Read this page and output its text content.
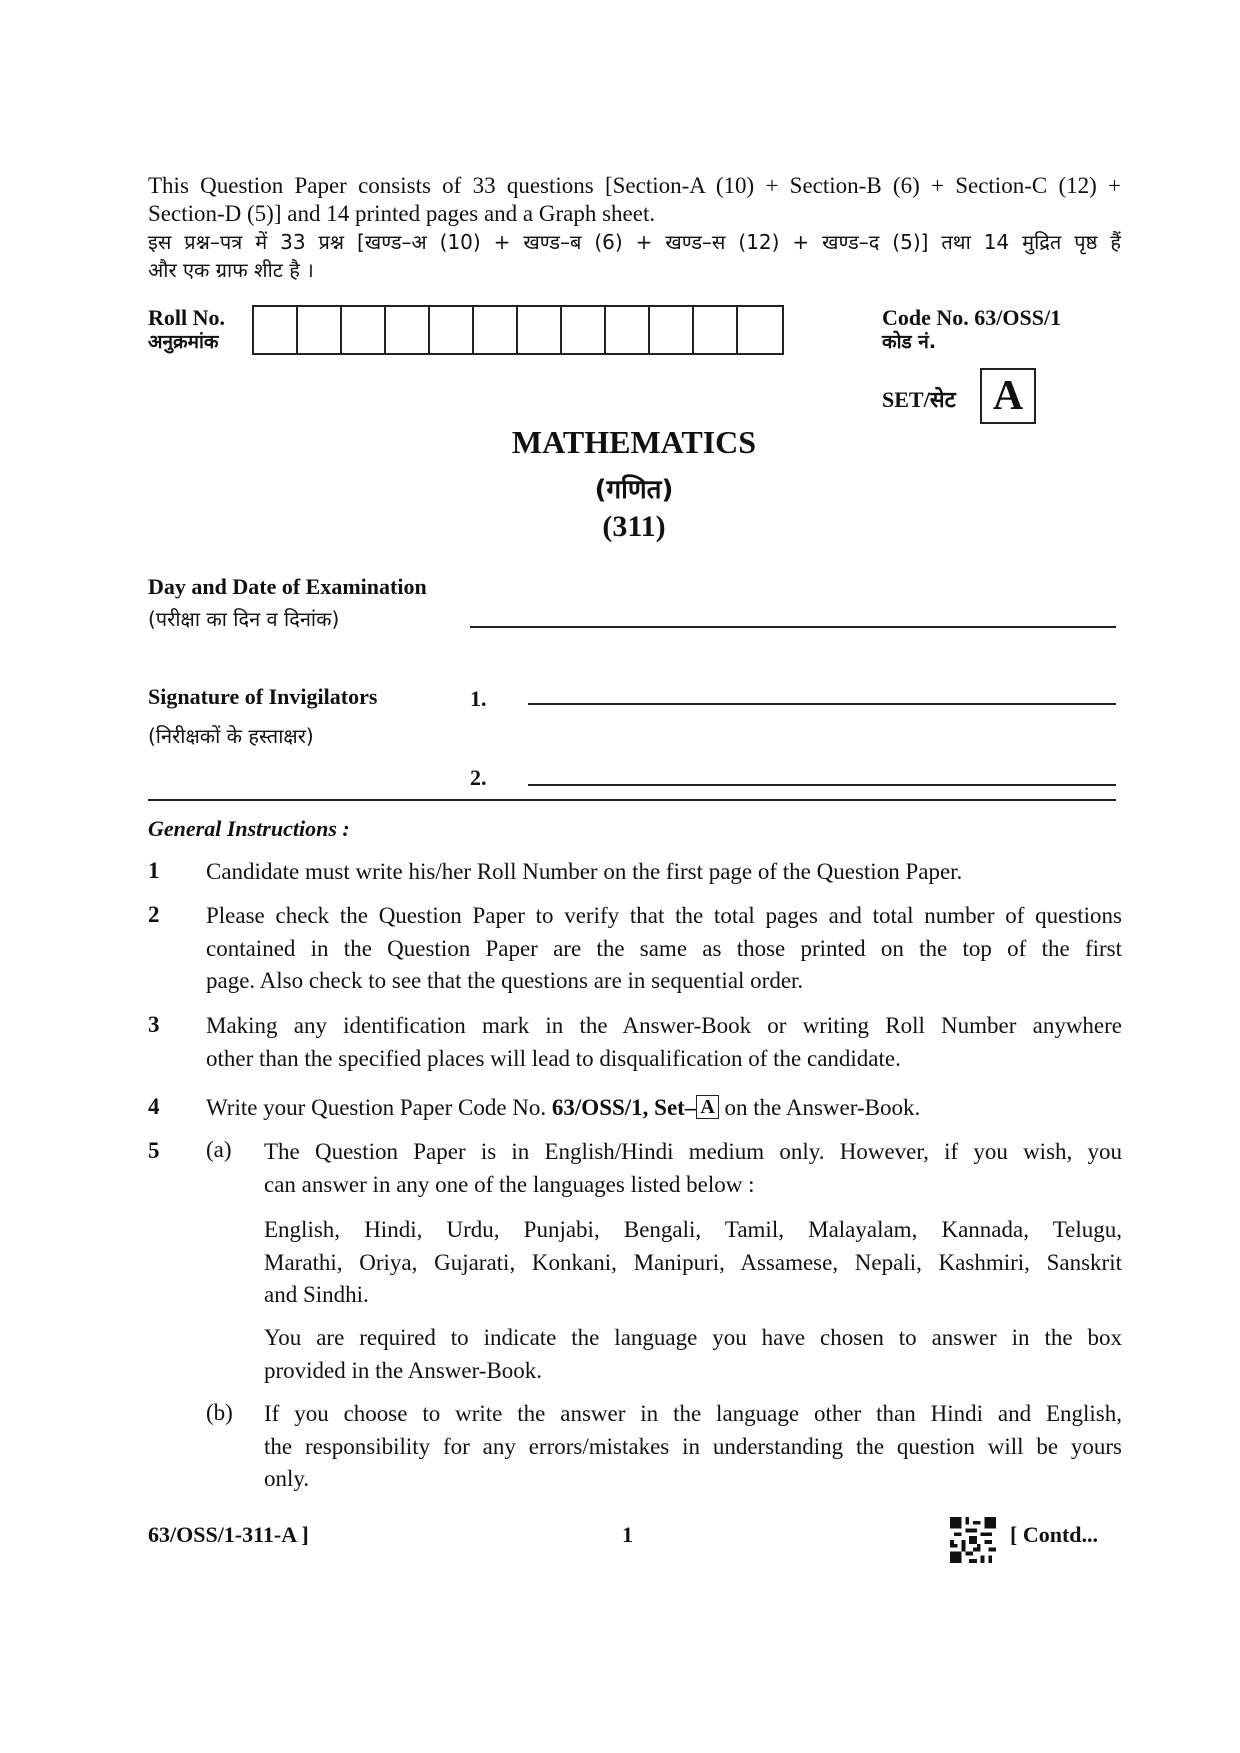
This Question Paper consists of 33 questions [Section-A (10) + Section-B (6) + Section-C (12) +

Section-D (5)] and 14 printed pages and a Graph sheet.

इस प्रश्न–पत्र में 33 प्रश्न [खण्ड–अ (10) + खण्ड–ब (6) + खण्ड–स (12) + खण्ड–द (5)] तथा 14 मुद्रित पृष्ठ हैं

और एक ग्राफ शीट है ।

Roll No.
अनुक्रमांक
Code No. 63/OSS/1
कोड नं.
SET/सेट A
MATHEMATICS
(गणित)
(311)
Day and Date of Examination
(परीक्षा का दिन व दिनांक)
Signature of Invigilators
(निरीक्षकों के हस्ताक्षर)
1.
2.
General Instructions :
1 Candidate must write his/her Roll Number on the first page of the Question Paper.
2 Please check the Question Paper to verify that the total pages and total number of questions
contained in the Question Paper are the same as those printed on the top of the first
page. Also check to see that the questions are in sequential order.
3 Making any identification mark in the Answer-Book or writing Roll Number anywhere
other than the specified places will lead to disqualification of the candidate.
4 Write your Question Paper Code No. 63/OSS/1, Set– A on the Answer-Book.
5 (a) The Question Paper is in English/Hindi medium only. However, if you wish, you
can answer in any one of the languages listed below :
English, Hindi, Urdu, Punjabi, Bengali, Tamil, Malayalam, Kannada, Telugu,
Marathi, Oriya, Gujarati, Konkani, Manipuri, Assamese, Nepali, Kashmiri, Sanskrit
and Sindhi.
You are required to indicate the language you have chosen to answer in the box
provided in the Answer-Book.
(b) If you choose to write the answer in the language other than Hindi and English,
the responsibility for any errors/mistakes in understanding the question will be yours
only.
63/OSS/1-311-A ]	1	[ Contd...
